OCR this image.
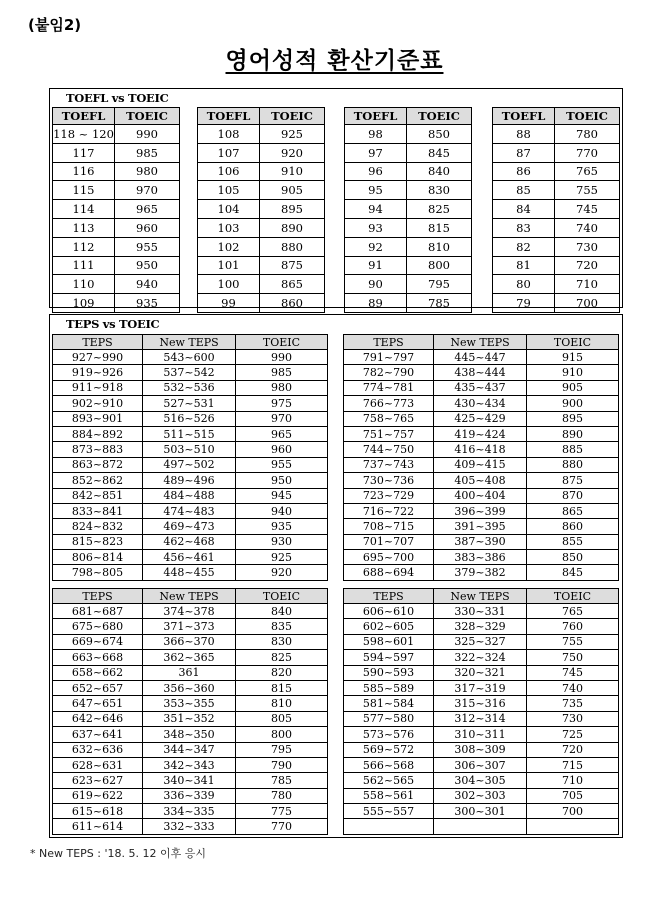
(붙임2)
영어성적 환산기준표
TOEFL vs TOEIC
TOEFL	TOEIC
118 ~ 120	990
117	985
116	980
115	970
114	965
113	960
112	955
111	950
110	940
109	935
TOEFL	TOEIC
108	925
107	920
106	910
105	905
104	895
103	890
102	880
101	875
100	865
99	860
TOEFL	TOEIC
98	850
97	845
96	840
95	830
94	825
93	815
92	810
91	800
90	795
89	785
TOEFL	TOEIC
88	780
87	770
86	765
85	755
84	745
83	740
82	730
81	720
80	710
79	700
TEPS vs TOEIC
TEPS	New TEPS	TOEIC
927~990	543~600	990
919~926	537~542	985
911~918	532~536	980
902~910	527~531	975
893~901	516~526	970
884~892	511~515	965
873~883	503~510	960
863~872	497~502	955
852~862	489~496	950
842~851	484~488	945
833~841	474~483	940
824~832	469~473	935
815~823	462~468	930
806~814	456~461	925
798~805	448~455	920
TEPS	New TEPS	TOEIC
791~797	445~447	915
782~790	438~444	910
774~781	435~437	905
766~773	430~434	900
758~765	425~429	895
751~757	419~424	890
744~750	416~418	885
737~743	409~415	880
730~736	405~408	875
723~729	400~404	870
716~722	396~399	865
708~715	391~395	860
701~707	387~390	855
695~700	383~386	850
688~694	379~382	845
TEPS	New TEPS	TOEIC
681~687	374~378	840
675~680	371~373	835
669~674	366~370	830
663~668	362~365	825
658~662	361	820
652~657	356~360	815
647~651	353~355	810
642~646	351~352	805
637~641	348~350	800
632~636	344~347	795
628~631	342~343	790
623~627	340~341	785
619~622	336~339	780
615~618	334~335	775
611~614	332~333	770
TEPS	New TEPS	TOEIC
606~610	330~331	765
602~605	328~329	760
598~601	325~327	755
594~597	322~324	750
590~593	320~321	745
585~589	317~319	740
581~584	315~316	735
577~580	312~314	730
573~576	310~311	725
569~572	308~309	720
566~568	306~307	715
562~565	304~305	710
558~561	302~303	705
555~557	300~301	700

* New TEPS : '18. 5. 12 이후 응시
